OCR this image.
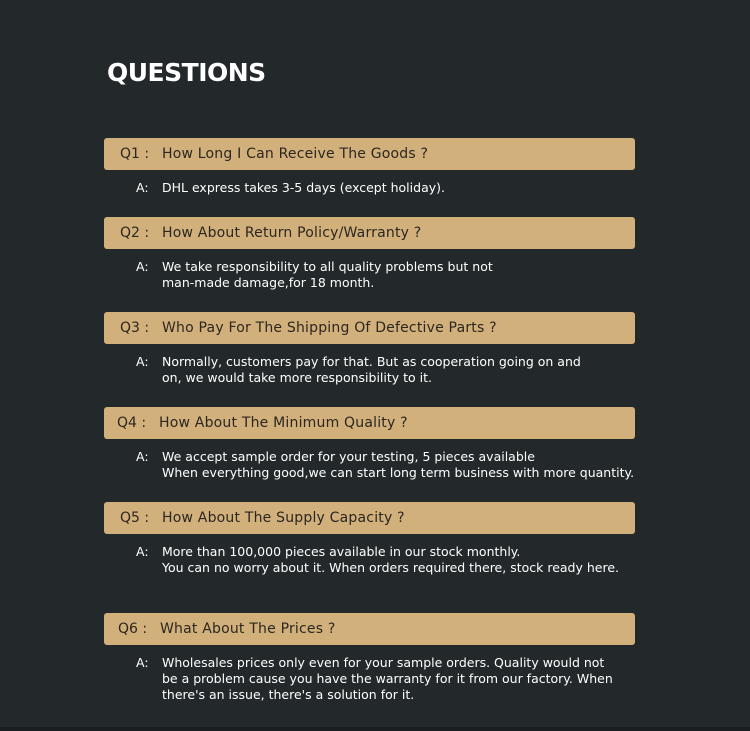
QUESTIONS
Q1 : How Long I Can Receive The Goods ?
A: DHL express takes 3-5 days (except holiday).
Q2 : How About Return Policy/Warranty ?
A: We take responsibility to all quality problems but not
man-made damage,for 18 month.
Q3 : Who Pay For The Shipping Of Defective Parts ?
A: Normally, customers pay for that. But as cooperation going on and
on, we would take more responsibility to it.
Q4 : How About The Minimum Quality ?
A: We accept sample order for your testing, 5 pieces available
When everything good,we can start long term business with more quantity.
Q5 : How About The Supply Capacity ?
A: More than 100,000 pieces available in our stock monthly.
You can no worry about it. When orders required there, stock ready here.
Q6 : What About The Prices ?
A: Wholesales prices only even for your sample orders. Quality would not
be a problem cause you have the warranty for it from our factory. When
there's an issue, there's a solution for it.
